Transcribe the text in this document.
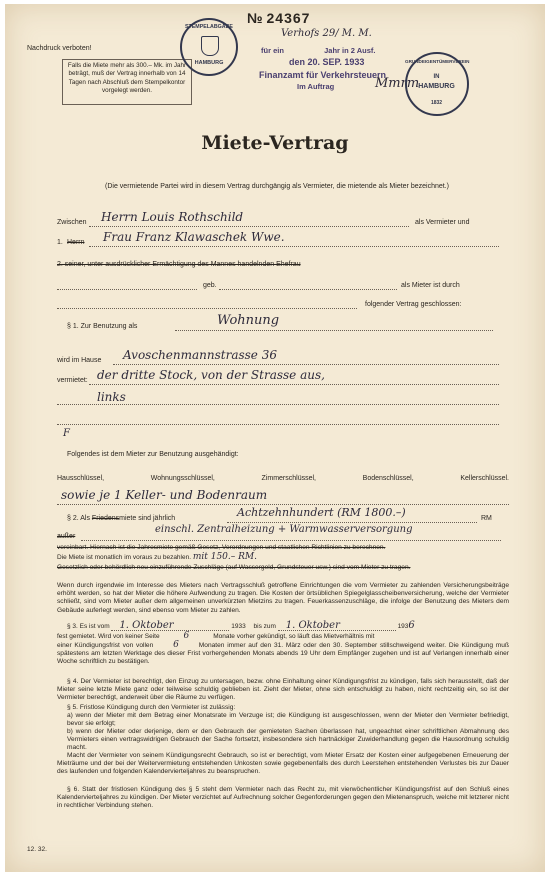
Nachdruck verboten!
№ 24367
Falls die Miete mehr als 300.– Mk. im Jahr beträgt, muß der Vertrag innerhalb von 14 Tagen nach Abschluß dem Stempelkontor vorgelegt werden.
STEMPELABGABE
HAMBURG
für ein	Jahr in 2 Ausf.
den 20. SEP. 1933
Finanzamt für Verkehrsteuern
Im Auftrag
Verhofs 29/ M. M.
Mmrm
GRUNDEIGENTÜMERVEREIN
IN
HAMBURG
1832
Miete-Vertrag
(Die vermietende Partei wird in diesem Vertrag durchgängig als Vermieter, die mietende als Mieter bezeichnet.)
Zwischen Herrn Louis Rothschild	als Vermieter und
1. Herrn Frau Franz Klawaschek Wwe.
2. seiner, unter ausdrücklicher Ermächtigung des Mannes handelnden Ehefrau
geb.	als Mieter ist durch
folgender Vertrag geschlossen:
§ 1. Zur Benutzung als	Wohnung
wird im Hause Avoschenmannstrasse 36
vermietet: der dritte Stock, von der Strasse aus,
links
F
Folgendes ist dem Mieter zur Benutzung ausgehändigt:
Hausschlüssel,	Wohnungsschlüssel,	Zimmerschlüssel,	Bodenschlüssel,	Kellerschlüssel.
sowie je 1 Keller- und Bodenraum
§ 2. Als Friedensmiete sind jährlich	Achtzehnhundert (RM 1800.–)	RM
außer
einschl. Zentralheizung + Warmwasserversorgung
vereinbart. Hiernach ist die Jahresmiete gemäß Gesetz, Verordnungen und staatlichen Richtlinien zu berechnen.
Die Miete ist monatlich im voraus zu bezahlen. mit 150.– RM.
Gesetzlich oder behördlich neu einzuführende Zuschläge (auf Wassergeld, Grundsteuer usw.) sind vom Mieter zu tragen.
Wenn durch irgendwie im Interesse des Mieters nach Vertragsschluß getroffene Einrichtungen die vom Vermieter zu zahlenden Versicherungsbeiträge erhöht werden, so hat der Mieter die höhere Aufwendung zu tragen. Die Kosten der örtsüblichen Spiegelglasscheibenversicherung, welche der Vermieter schließt, sind vom Mieter außer dem allgemeinen unverkürzten Mietzins zu tragen. Feuerkassenzuschläge, die infolge der Benutzung des Mieters dem Gebäude auferlegt werden, sind ebenso vom Mieter zu zahlen.
§ 3. Es ist vom 1. Oktober	1933 bis zum 1. Oktober	1936
fest gemietet. Wird von keiner Seite	6	Monate vorher gekündigt, so läuft das Mietverhältnis mit
einer Kündigungsfrist von vollen 6	Monaten immer auf den 31. März oder den 30. September stillschweigend weiter. Die Kündigung muß spätestens am letzten Werktage des dieser Frist vorhergehenden Monats abends 19 Uhr dem Empfänger zugehen und ist auf Verlangen innerhalb einer Woche schriftlich zu bestätigen.
§ 4. Der Vermieter ist berechtigt, den Einzug zu untersagen, bezw. ohne Einhaltung einer Kündigungsfrist zu kündigen, falls sich herausstellt, daß der Mieter seine letzte Miete ganz oder teilweise schuldig geblieben ist. Zieht der Mieter, ohne sich entschuldigt zu haben, nicht rechtzeitig ein, so ist der Vermieter berechtigt, anderweit über die Räume zu verfügen.
§ 5. Fristlose Kündigung durch den Vermieter ist zulässig:
a) wenn der Mieter mit dem Betrag einer Monatsrate im Verzuge ist; die Kündigung ist ausgeschlossen, wenn der Mieter den Vermieter befriedigt, bevor sie erfolgt;
b) wenn der Mieter oder derjenige, dem er den Gebrauch der gemieteten Sachen überlassen hat, ungeachtet einer schriftlichen Abmahnung des Vermieters einen vertragswidrigen Gebrauch der Sache fortsetzt, insbesondere sich hartnäckiger Zuwiderhandlung gegen die Hausordnung schuldig macht.
Macht der Vermieter von seinem Kündigungsrecht Gebrauch, so ist er berechtigt, vom Mieter Ersatz der Kosten einer aufgegebenen Erneuerung der Mieträume und der bei der Weitervermietung entstehenden Unkosten sowie gegebenenfalls des durch Leerstehen entstehenden Verlustes bis zur Dauer des laufenden und folgenden Kalendervierteljahres zu beanspruchen.
§ 6. Statt der fristlosen Kündigung des § 5 steht dem Vermieter nach das Recht zu, mit vierwöchentlicher Kündigungsfrist auf den Schluß eines Kalendervierteljahres zu kündigen. Der Mieter verzichtet auf Aufrechnung solcher Gegenforderungen gegen den Mietenanspruch, welche mit letzterer nicht in rechtlicher Verbindung stehen.
12. 32.
